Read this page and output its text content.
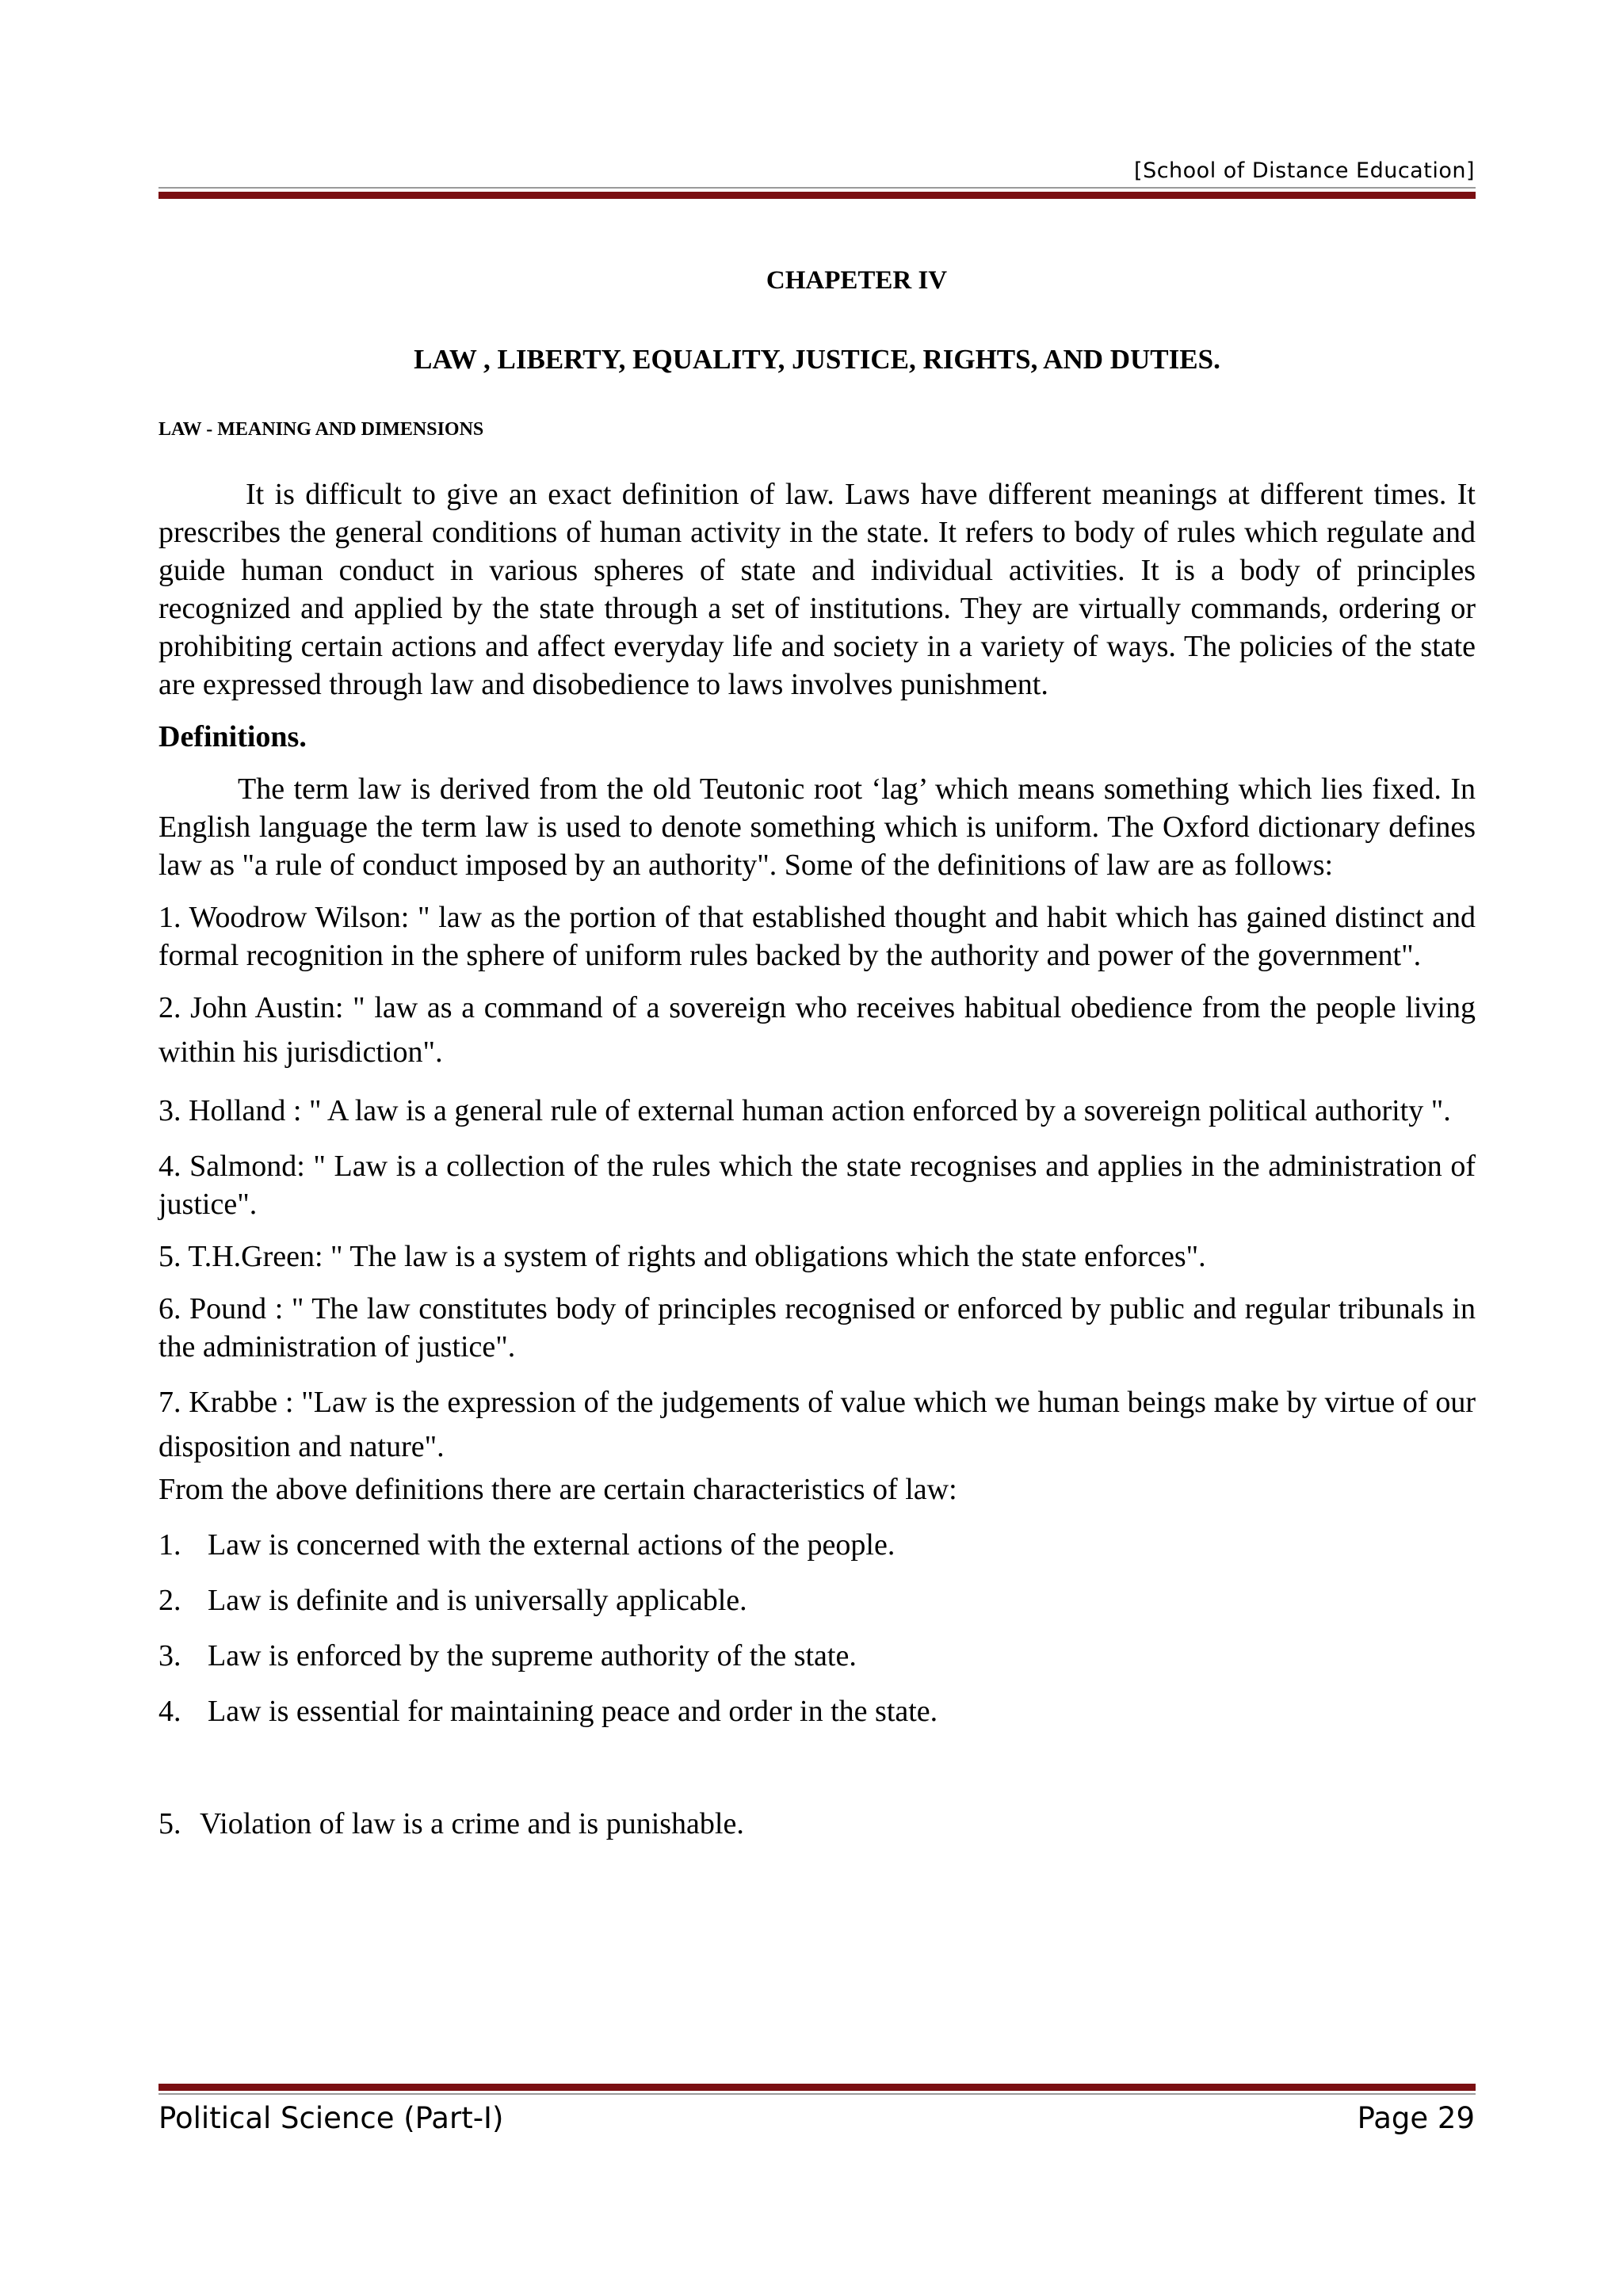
[School of Distance Education]
CHAPETER IV
LAW , LIBERTY, EQUALITY, JUSTICE, RIGHTS, AND DUTIES.
LAW - MEANING AND DIMENSIONS

It is difficult to give an exact definition of law. Laws have different meanings at different times. It prescribes the general conditions of human activity in the state. It refers to body of rules which regulate and guide human conduct in various spheres of state and individual activities. It is a body of principles recognized and applied by the state through a set of institutions. They are virtually commands, ordering or prohibiting certain actions and affect everyday life and society in a variety of ways. The policies of the state are expressed through law and disobedience to laws involves punishment.

Definitions.

The term law is derived from the old Teutonic root ‘lag’ which means something which lies fixed. In English language the term law is used to denote something which is uniform. The Oxford dictionary defines law as "a rule of conduct imposed by an authority". Some of the definitions of law are as follows:

1. Woodrow Wilson: " law as the portion of that established thought and habit which has gained distinct and formal recognition in the sphere of uniform rules backed by the authority and power of the government".

2. John Austin: " law as a command of a sovereign who receives habitual obedience from the people living within his jurisdiction".

3. Holland : " A law is a general rule of external human action enforced by a sovereign political authority ".

4. Salmond: " Law is a collection of the rules which the state recognises and applies in the administration of justice".

5. T.H.Green: " The law is a system of rights and obligations which the state enforces".

6. Pound : " The law constitutes body of principles recognised or enforced by public and regular tribunals in the administration of justice".

7. Krabbe : "Law is the expression of the judgements of value which we human beings make by virtue of our disposition and nature".

From the above definitions there are certain characteristics of law:

1. Law is concerned with the external actions of the people.

2. Law is definite and is universally applicable.

3. Law is enforced by the supreme authority of the state.

4. Law is essential for maintaining peace and order in the state.

5. Violation of law is a crime and is punishable.

Political Science (Part-I)	Page 29
